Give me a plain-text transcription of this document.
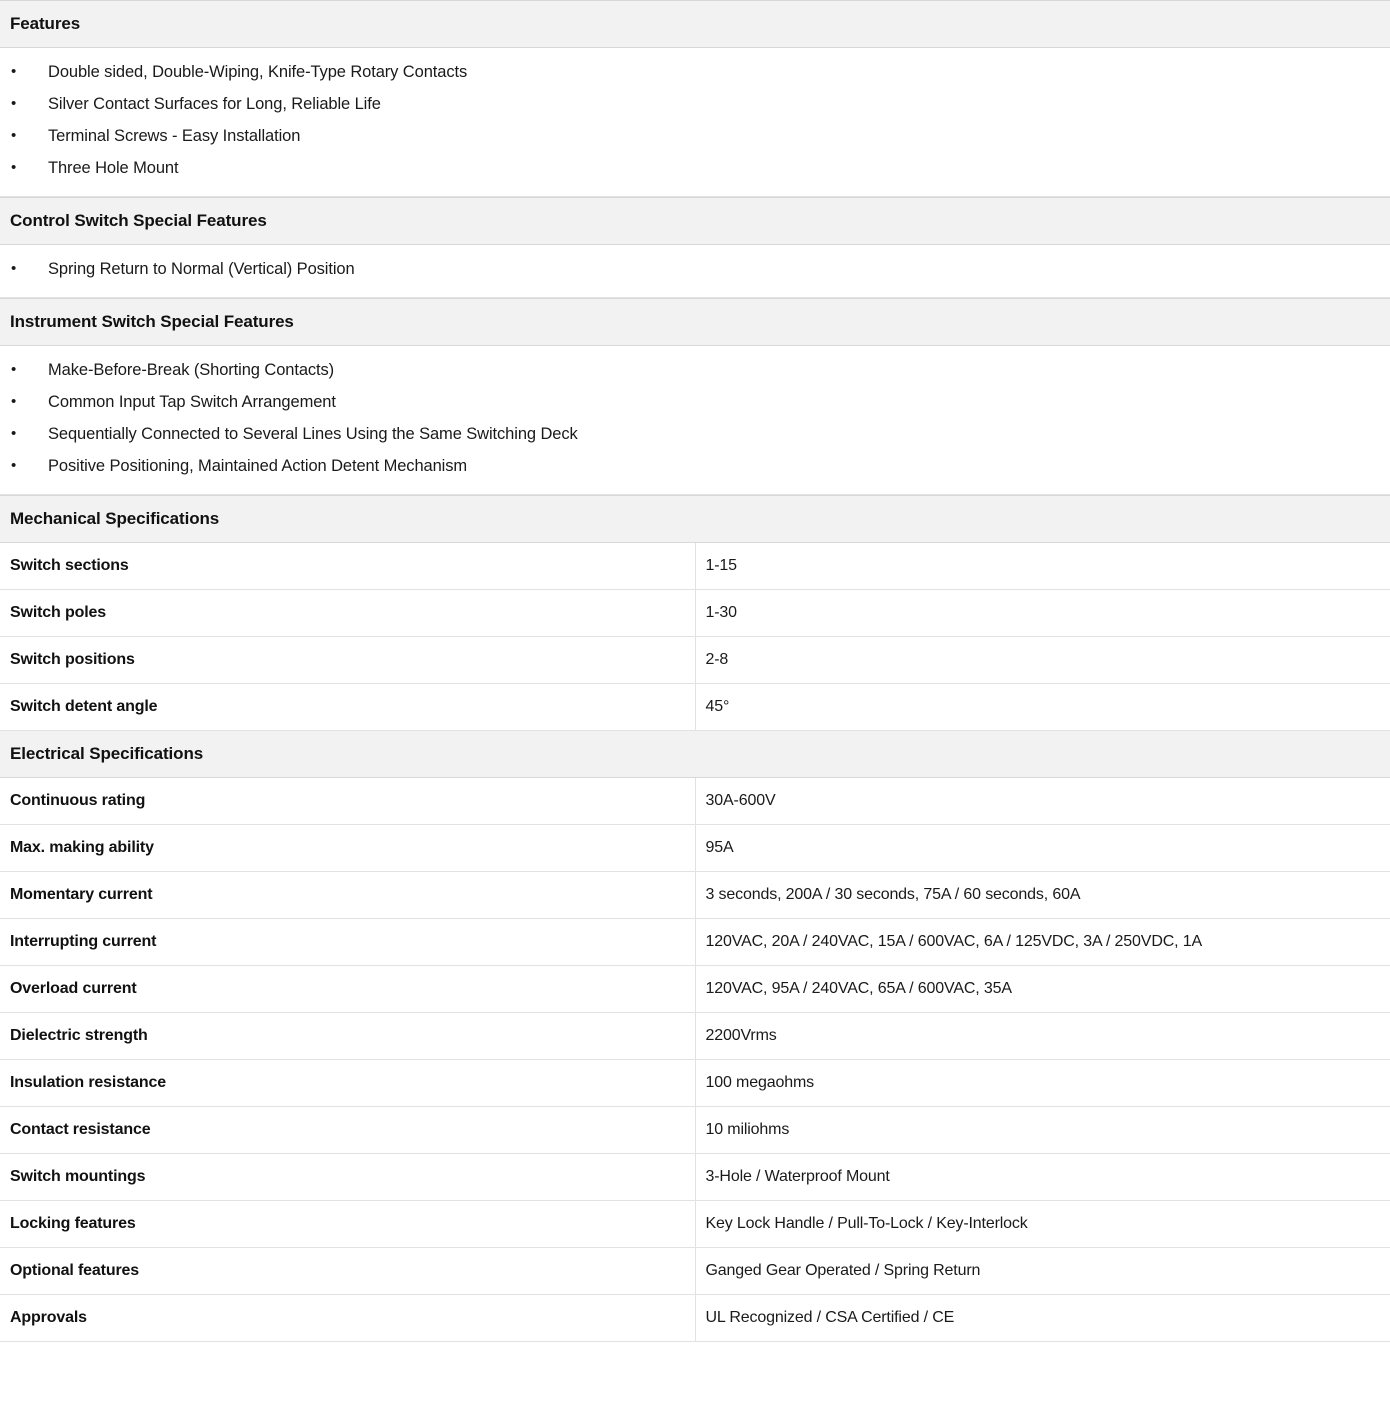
Features
•	Double sided, Double-Wiping, Knife-Type Rotary Contacts
•	Silver Contact Surfaces for Long, Reliable Life
•	Terminal Screws - Easy Installation
•	Three Hole Mount
Control Switch Special Features
•	Spring Return to Normal (Vertical) Position
Instrument Switch Special Features
•	Make-Before-Break (Shorting Contacts)
•	Common Input Tap Switch Arrangement
•	Sequentially Connected to Several Lines Using the Same Switching Deck
•	Positive Positioning, Maintained Action Detent Mechanism
Mechanical Specifications	
Switch sections	1-15
Switch poles	1-30
Switch positions	2-8
Switch detent angle	45°
Electrical Specifications	
Continuous rating	30A-600V
Max. making ability	95A
Momentary current	3 seconds, 200A / 30 seconds, 75A / 60 seconds, 60A
Interrupting current	120VAC, 20A / 240VAC, 15A / 600VAC, 6A / 125VDC, 3A / 250VDC, 1A
Overload current	120VAC, 95A / 240VAC, 65A / 600VAC, 35A
Dielectric strength	2200Vrms
Insulation resistance	100 megaohms
Contact resistance	10 miliohms
Switch mountings	3-Hole / Waterproof Mount
Locking features	Key Lock Handle / Pull-To-Lock / Key-Interlock
Optional features	Ganged Gear Operated / Spring Return
Approvals	UL Recognized / CSA Certified / CE
